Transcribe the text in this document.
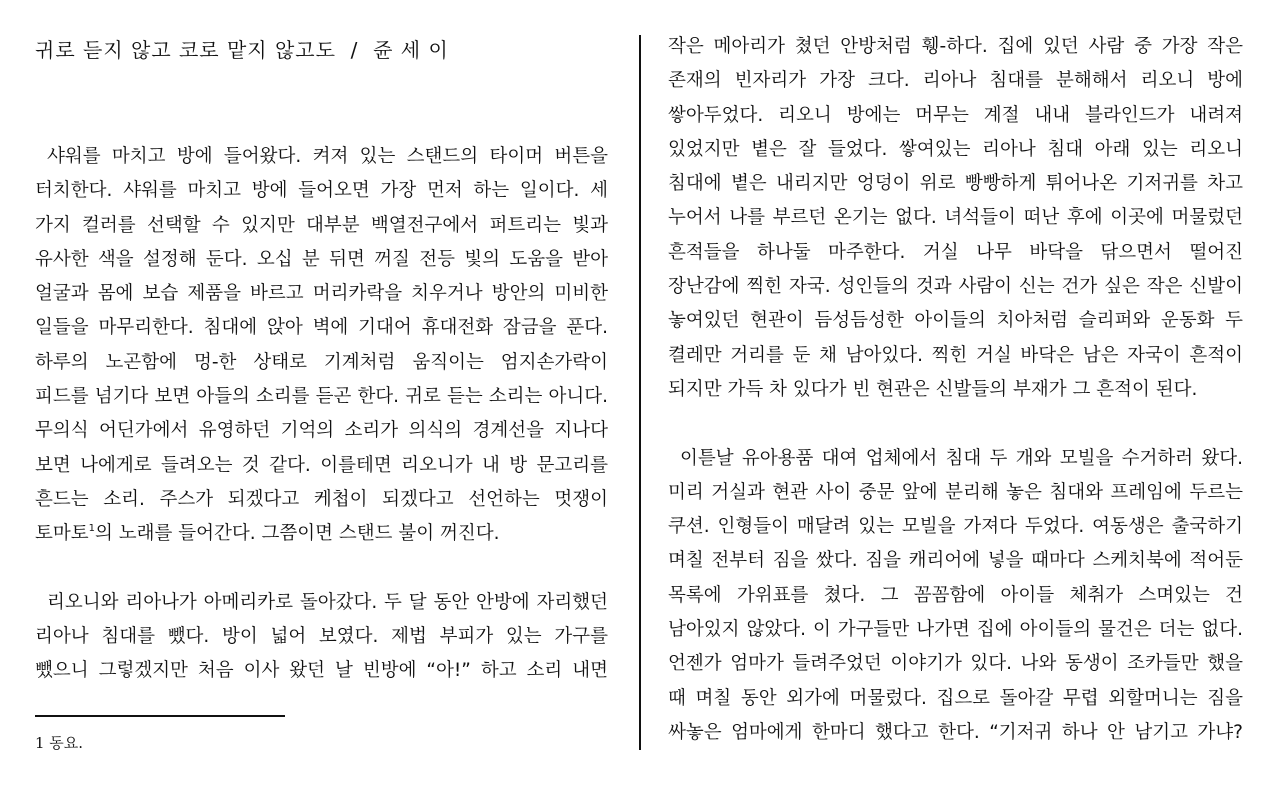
귀로 듣지 않고 코로 맡지 않고도  /  쥰 세 이
샤워를 마치고 방에 들어왔다. 켜져 있는 스탠드의 타이머 버튼을
터치한다. 샤워를 마치고 방에 들어오면 가장 먼저 하는 일이다. 세
가지 컬러를 선택할 수 있지만 대부분 백열전구에서 퍼트리는 빛과
유사한 색을 설정해 둔다. 오십 분 뒤면 꺼질 전등 빛의 도움을 받아
얼굴과 몸에 보습 제품을 바르고 머리카락을 치우거나 방안의 미비한
일들을 마무리한다. 침대에 앉아 벽에 기대어 휴대전화 잠금을 푼다.
하루의 노곤함에 멍-한 상태로 기계처럼 움직이는 엄지손가락이
피드를 넘기다 보면 아들의 소리를 듣곤 한다. 귀로 듣는 소리는 아니다.
무의식 어딘가에서 유영하던 기억의 소리가 의식의 경계선을 지나다
보면 나에게로 들려오는 것 같다. 이를테면 리오니가 내 방 문고리를
흔드는 소리. 주스가 되겠다고 케첩이 되겠다고 선언하는 멋쟁이
토마토$^1$의 노래를 들어간다. 그쯤이면 스탠드 불이 꺼진다.
리오니와 리아나가 아메리카로 돌아갔다. 두 달 동안 안방에 자리했던
리아나 침대를 뺐다. 방이 넓어 보였다. 제법 부피가 있는 가구를
뺐으니 그렇겠지만 처음 이사 왔던 날 빈방에 “아!” 하고 소리 내면
1 동요.
작은 메아리가 쳤던 안방처럼 휑-하다. 집에 있던 사람 중 가장 작은
존재의 빈자리가 가장 크다. 리아나 침대를 분해해서 리오니 방에
쌓아두었다. 리오니 방에는 머무는 계절 내내 블라인드가 내려져
있었지만 볕은 잘 들었다. 쌓여있는 리아나 침대 아래 있는 리오니
침대에 볕은 내리지만 엉덩이 위로 빵빵하게 튀어나온 기저귀를 차고
누어서 나를 부르던 온기는 없다. 녀석들이 떠난 후에 이곳에 머물렀던
흔적들을 하나둘 마주한다. 거실 나무 바닥을 닦으면서 떨어진
장난감에 찍힌 자국. 성인들의 것과 사람이 신는 건가 싶은 작은 신발이
놓여있던 현관이 듬성듬성한 아이들의 치아처럼 슬리퍼와 운동화 두
켤레만 거리를 둔 채 남아있다. 찍힌 거실 바닥은 남은 자국이 흔적이
되지만 가득 차 있다가 빈 현관은 신발들의 부재가 그 흔적이 된다.
이튿날 유아용품 대여 업체에서 침대 두 개와 모빌을 수거하러 왔다.
미리 거실과 현관 사이 중문 앞에 분리해 놓은 침대와 프레임에 두르는
쿠션. 인형들이 매달려 있는 모빌을 가져다 두었다. 여동생은 출국하기
며칠 전부터 짐을 쌌다. 짐을 캐리어에 넣을 때마다 스케치북에 적어둔
목록에 가위표를 쳤다. 그 꼼꼼함에 아이들 체취가 스며있는 건
남아있지 않았다. 이 가구들만 나가면 집에 아이들의 물건은 더는 없다.
언젠가 엄마가 들려주었던 이야기가 있다. 나와 동생이 조카들만 했을
때 며칠 동안 외가에 머물렀다. 집으로 돌아갈 무렵 외할머니는 짐을
싸놓은 엄마에게 한마디 했다고 한다. “기저귀 하나 안 남기고 가냐?
